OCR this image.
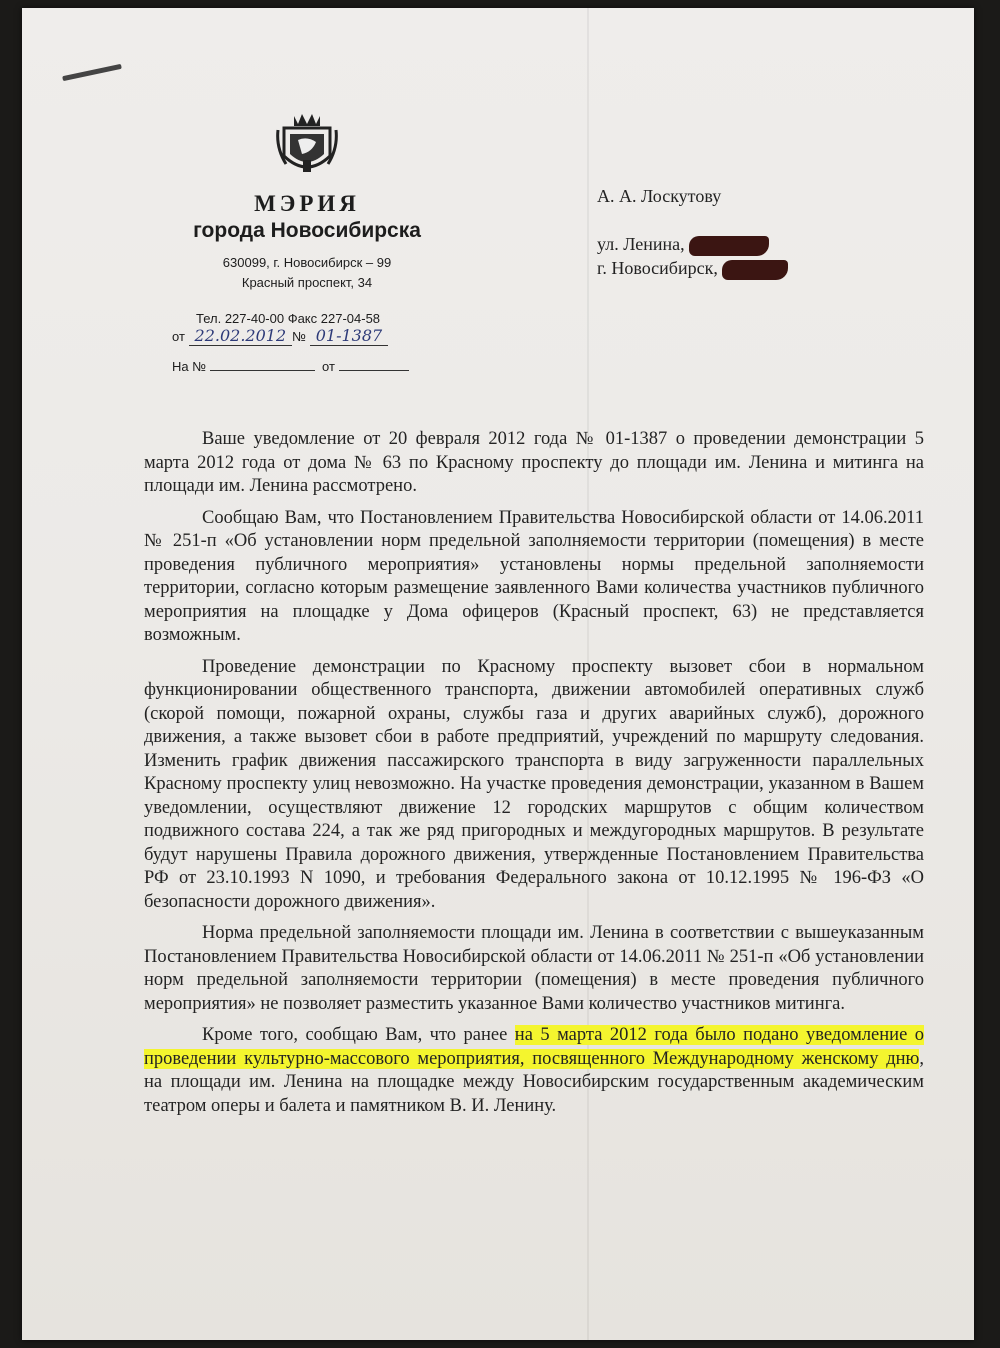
МЭРИЯ
города Новосибирска
630099, г. Новосибирск – 99
Красный проспект, 34
Тел. 227-40-00 Факс 227-04-58
от 22.02.2012 № 01-1387
На №	от
А. А. Лоскутову
ул. Ленина,
г. Новосибирск,

Ваше уведомление от 20 февраля 2012 года № 01-1387 о проведении демонстрации 5 марта 2012 года от дома № 63 по Красному проспекту до площади им. Ленина и митинга на площади им. Ленина рассмотрено.

Сообщаю Вам, что Постановлением Правительства Новосибирской области от 14.06.2011 № 251-п «Об установлении норм предельной заполняемости территории (помещения) в месте проведения публичного мероприятия» установлены нормы предельной заполняемости территории, согласно которым размещение заявленного Вами количества участников публичного мероприятия на площадке у Дома офицеров (Красный проспект, 63) не представляется возможным.

Проведение демонстрации по Красному проспекту вызовет сбои в нормальном функционировании общественного транспорта, движении автомобилей оперативных служб (скорой помощи, пожарной охраны, службы газа и других аварийных служб), дорожного движения, а также вызовет сбои в работе предприятий, учреждений по маршруту следования. Изменить график движения пассажирского транспорта в виду загруженности параллельных Красному проспекту улиц невозможно. На участке проведения демонстрации, указанном в Вашем уведомлении, осуществляют движение 12 городских маршрутов с общим количеством подвижного состава 224, а так же ряд пригородных и междугородных маршрутов. В результате будут нарушены Правила дорожного движения, утвержденные Постановлением Правительства РФ от 23.10.1993 N 1090, и требования Федерального закона от 10.12.1995 № 196-ФЗ «О безопасности дорожного движения».

Норма предельной заполняемости площади им. Ленина в соответствии с вышеуказанным Постановлением Правительства Новосибирской области от 14.06.2011 № 251-п «Об установлении норм предельной заполняемости территории (помещения) в месте проведения публичного мероприятия» не позволяет разместить указанное Вами количество участников митинга.

Кроме того, сообщаю Вам, что ранее на 5 марта 2012 года было подано уведомление о проведении культурно-массового мероприятия, посвященного Международному женскому дню, на площади им. Ленина на площадке между Новосибирским государственным академическим театром оперы и балета и памятником В. И. Ленину.
